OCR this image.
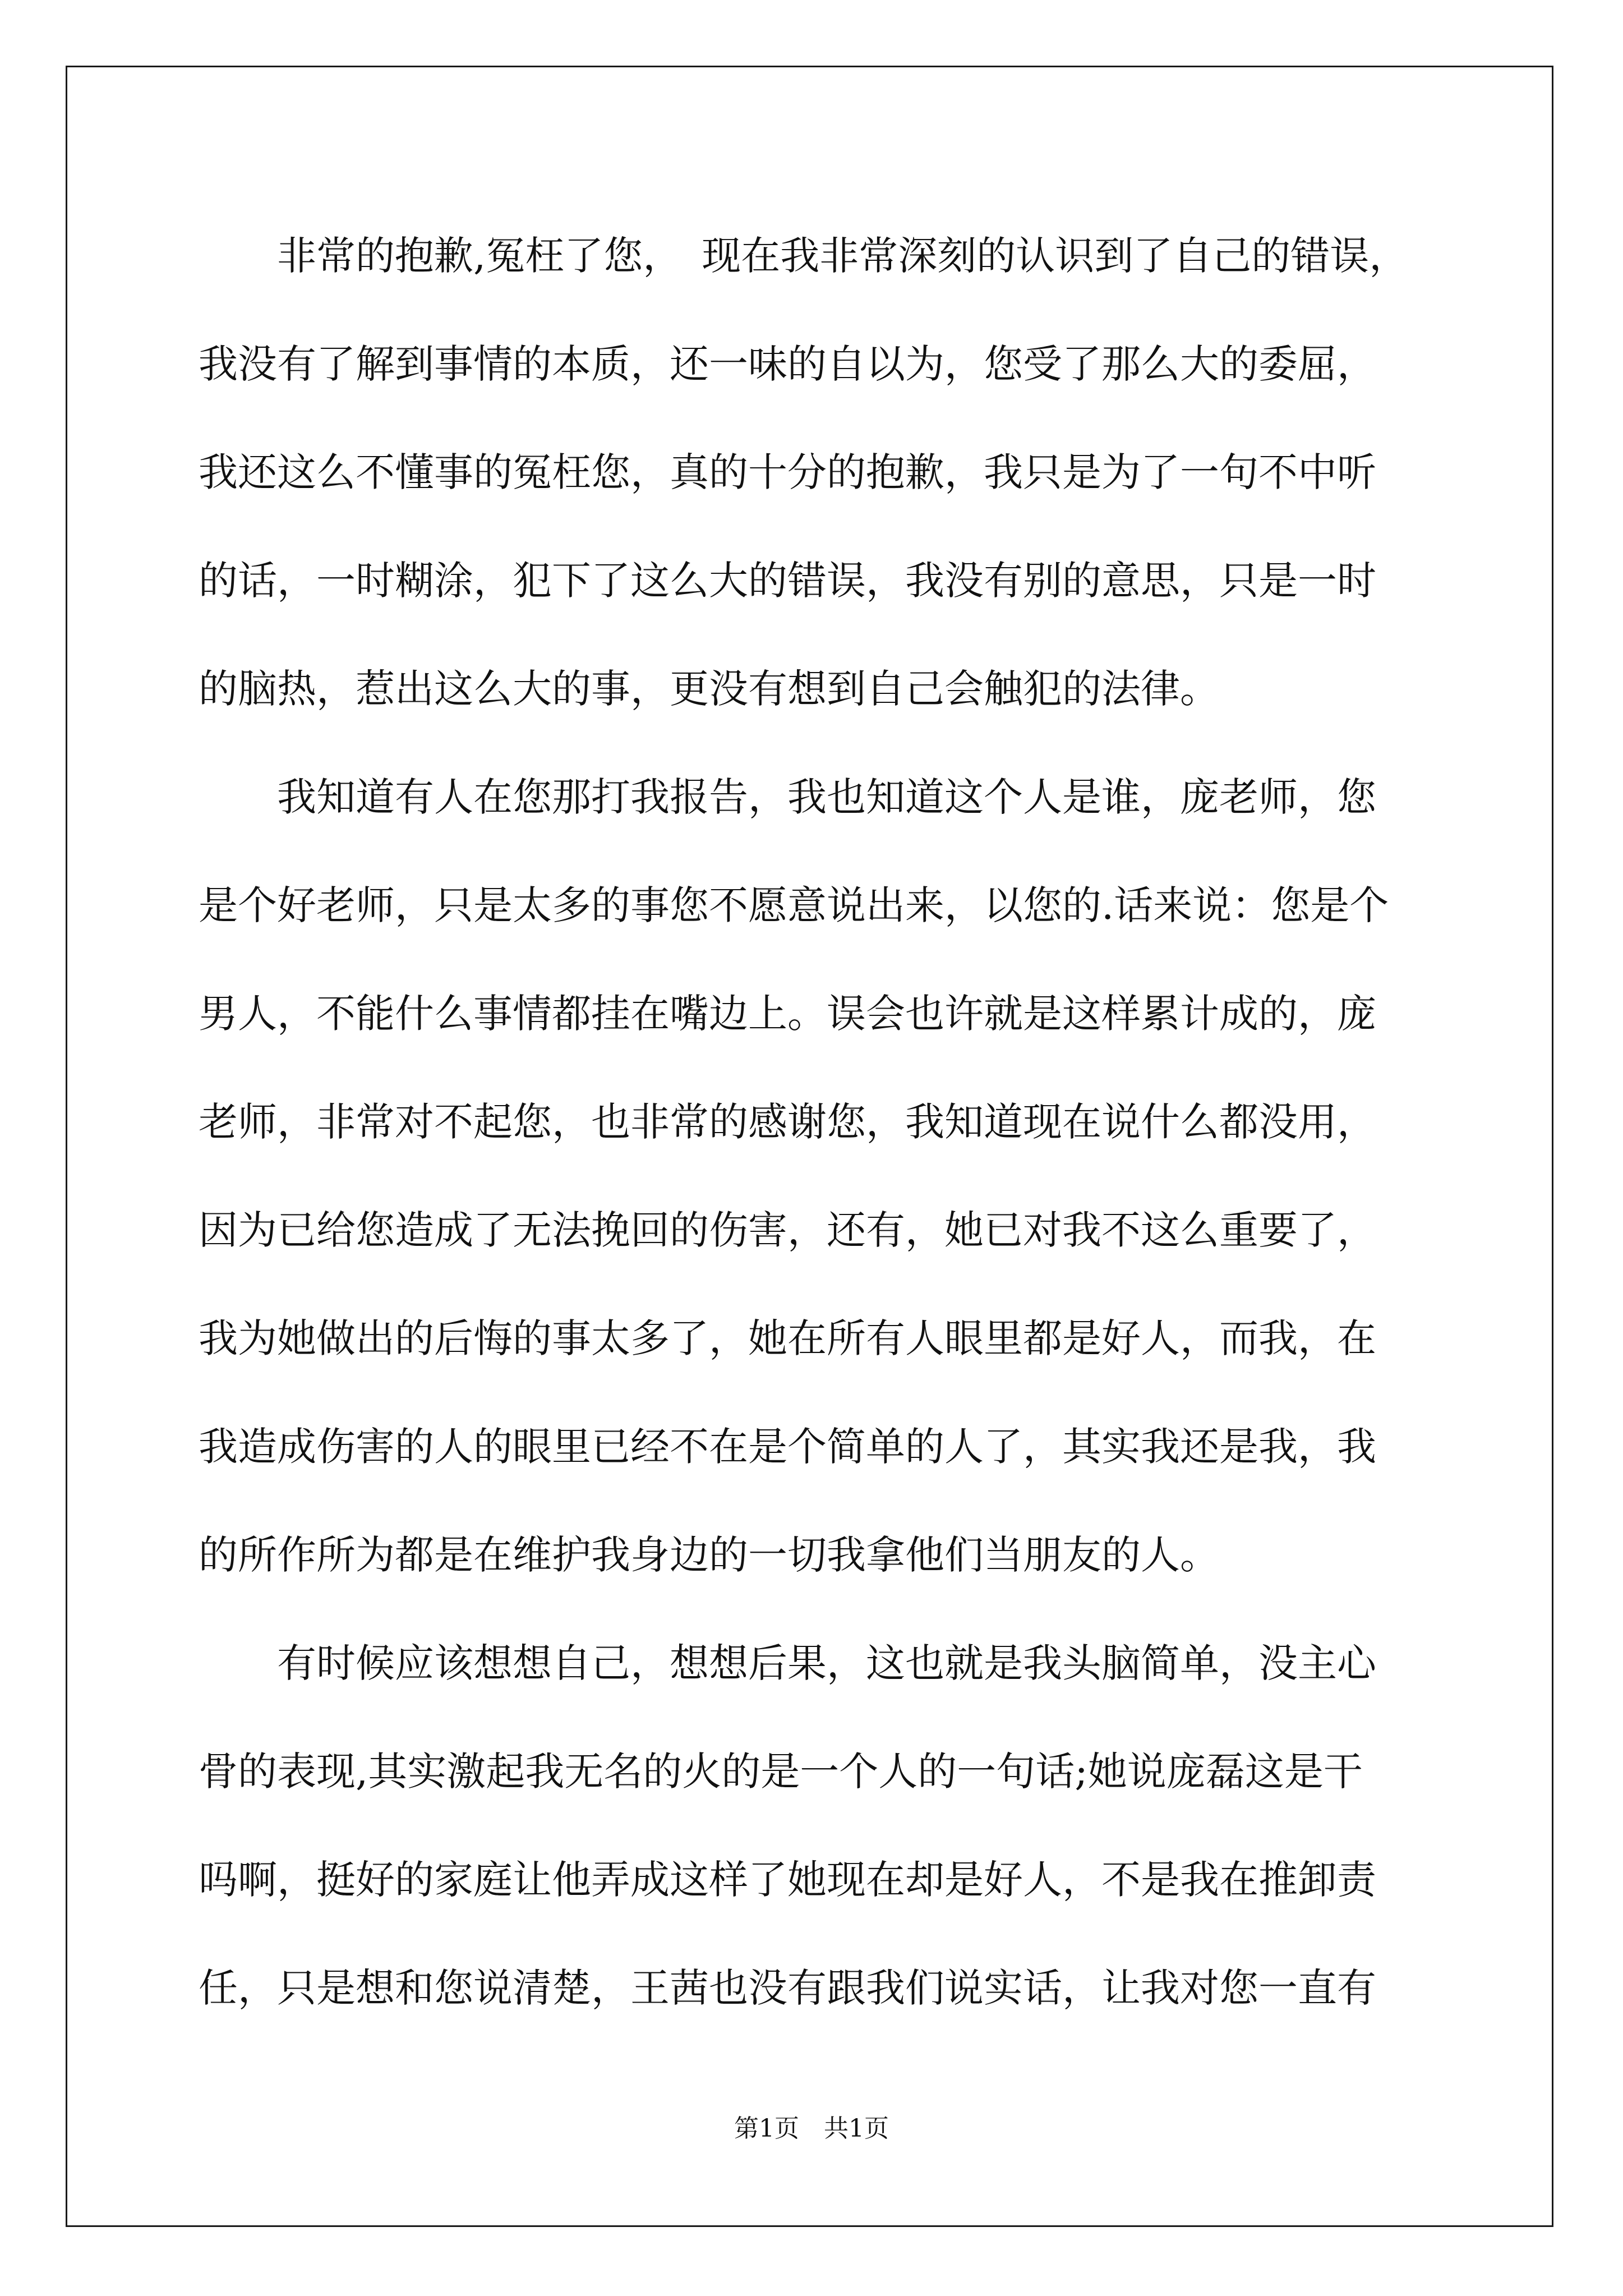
　　非常的抱歉,冤枉了您，　现在我非常深刻的认识到了自己的错误，
我没有了解到事情的本质，还一味的自以为，您受了那么大的委屈，
我还这么不懂事的冤枉您，真的十分的抱歉，我只是为了一句不中听
的话，一时糊涂，犯下了这么大的错误，我没有别的意思，只是一时
的脑热，惹出这么大的事，更没有想到自己会触犯的法律。

　　我知道有人在您那打我报告，我也知道这个人是谁，庞老师，您
是个好老师，只是太多的事您不愿意说出来，以您的.话来说：您是个
男人，不能什么事情都挂在嘴边上。误会也许就是这样累计成的，庞
老师，非常对不起您，也非常的感谢您，我知道现在说什么都没用，
因为已给您造成了无法挽回的伤害，还有，她已对我不这么重要了，
我为她做出的后悔的事太多了，她在所有人眼里都是好人，而我，在
我造成伤害的人的眼里已经不在是个简单的人了，其实我还是我，我
的所作所为都是在维护我身边的一切我拿他们当朋友的人。

　　有时候应该想想自己，想想后果，这也就是我头脑简单，没主心
骨的表现,其实激起我无名的火的是一个人的一句话;她说庞磊这是干
吗啊，挺好的家庭让他弄成这样了她现在却是好人，不是我在推卸责
任，只是想和您说清楚，王茜也没有跟我们说实话，让我对您一直有

第1页　共1页
